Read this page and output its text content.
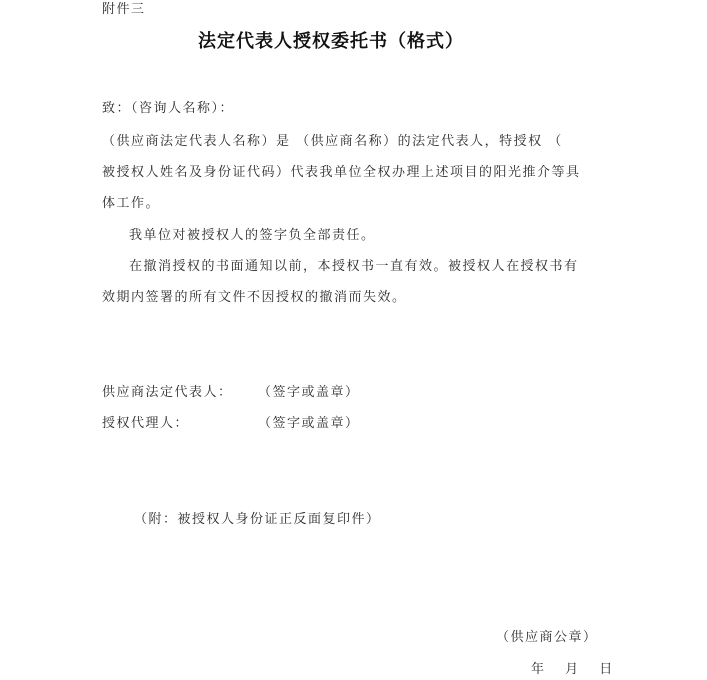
附件三
法定代表人授权委托书（格式）
致：（咨询人名称）：
（供应商法定代表人名称）是 （供应商名称）的法定代表人，特授权 （
被授权人姓名及身份证代码）代表我单位全权办理上述项目的阳光推介等具
体工作。
我单位对被授权人的签字负全部责任。
在撤消授权的书面通知以前，本授权书一直有效。被授权人在授权书有
效期内签署的所有文件不因授权的撤消而失效。
供应商法定代表人： （签字或盖章）
授权代理人：	（签字或盖章）
（附：被授权人身份证正反面复印件）
（供应商公章）
年 月 日
